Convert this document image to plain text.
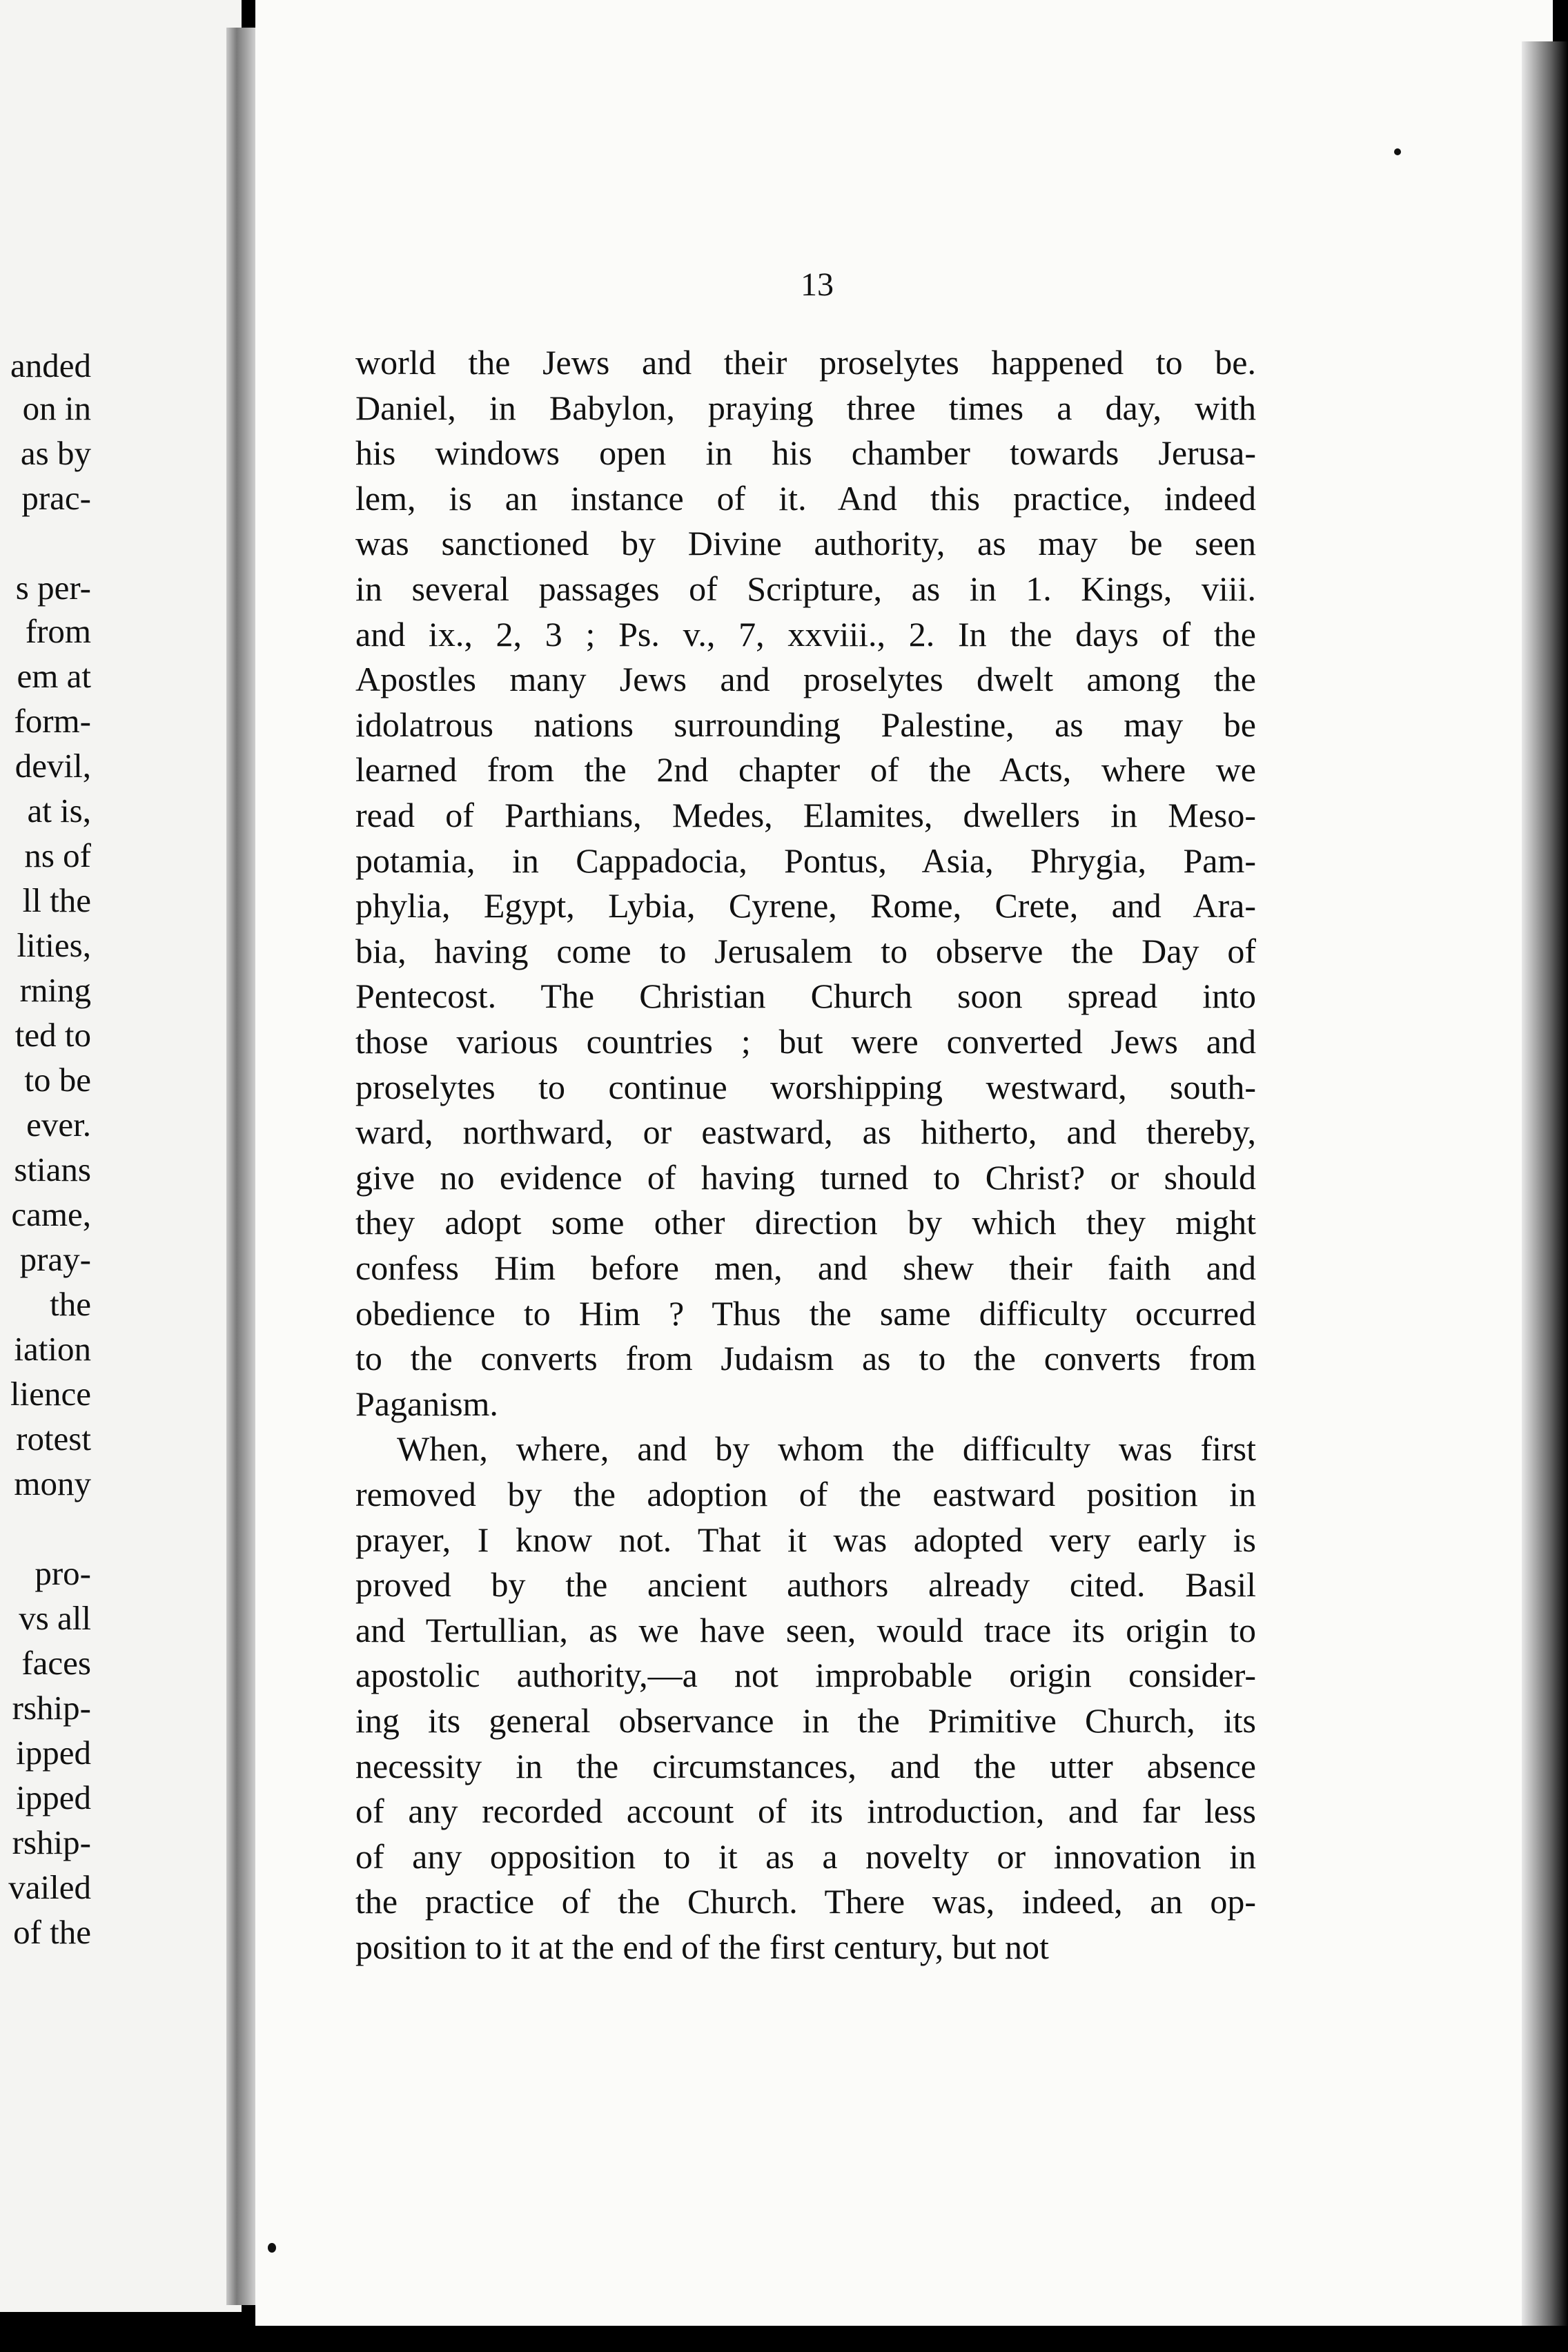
anded
on in
as by
prac-
s per-
from
em at
form-
devil,
at is,
ns of
ll the
lities,
rning
ted to
to be
ever.
stians
came,
pray-
the
iation
lience
rotest
mony
pro-
vs all
faces
rship-
ipped
ipped
rship-
vailed
of the
13
world the Jews and their proselytes happened to be.
Daniel, in Babylon, praying three times a day, with
his windows open in his chamber towards Jerusa-
lem, is an instance of it. And this practice, indeed
was sanctioned by Divine authority, as may be seen
in several passages of Scripture, as in 1. Kings, viii.
and ix., 2, 3 ; Ps. v., 7, xxviii., 2. In the days of the
Apostles many Jews and proselytes dwelt among the
idolatrous nations surrounding Palestine, as may be
learned from the 2nd chapter of the Acts, where we
read of Parthians, Medes, Elamites, dwellers in Meso-
potamia, in Cappadocia, Pontus, Asia, Phrygia, Pam-
phylia, Egypt, Lybia, Cyrene, Rome, Crete, and Ara-
bia, having come to Jerusalem to observe the Day of
Pentecost. The Christian Church soon spread into
those various countries ; but were converted Jews and
proselytes to continue worshipping westward, south-
ward, northward, or eastward, as hitherto, and thereby,
give no evidence of having turned to Christ? or should
they adopt some other direction by which they might
confess Him before men, and shew their faith and
obedience to Him ? Thus the same difficulty occurred
to the converts from Judaism as to the converts from
Paganism.
When, where, and by whom the difficulty was first
removed by the adoption of the eastward position in
prayer, I know not. That it was adopted very early is
proved by the ancient authors already cited. Basil
and Tertullian, as we have seen, would trace its origin to
apostolic authority,—a not improbable origin consider-
ing its general observance in the Primitive Church, its
necessity in the circumstances, and the utter absence
of any recorded account of its introduction, and far less
of any opposition to it as a novelty or innovation in
the practice of the Church. There was, indeed, an op-
position to it at the end of the first century, but not
